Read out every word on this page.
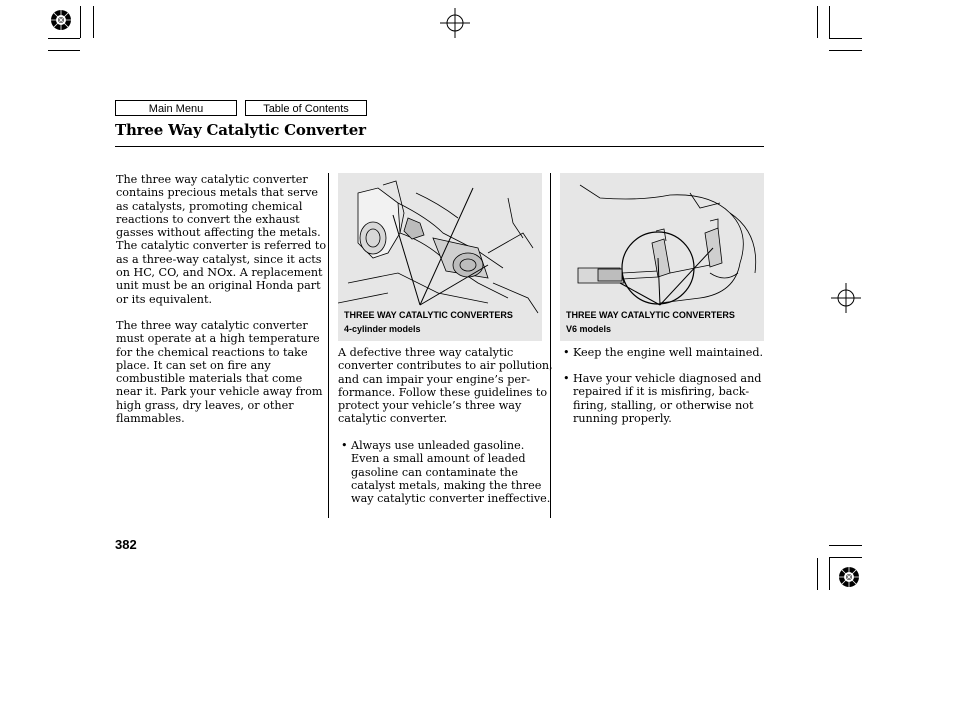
Main Menu	Table of Contents
Three Way Catalytic Converter
The three way catalytic converter
contains precious metals that serve
as catalysts, promoting chemical
reactions to convert the exhaust
gasses without affecting the metals.
The catalytic converter is referred to
as a three-way catalyst, since it acts
on HC, CO, and NOx. A replacement
unit must be an original Honda part
or its equivalent.
The three way catalytic converter
must operate at a high temperature
for the chemical reactions to take
place. It can set on fire any
combustible materials that come
near it. Park your vehicle away from
high grass, dry leaves, or other
flammables.
THREE WAY CATALYTIC CONVERTERS
4-cylinder models
A defective three way catalytic
converter contributes to air pollution,
and can impair your engine’s per-
formance. Follow these guidelines to
protect your vehicle’s three way
catalytic converter.
• Always use unleaded gasoline.
Even a small amount of leaded
gasoline can contaminate the
catalyst metals, making the three
way catalytic converter ineffective.
THREE WAY CATALYTIC CONVERTERS
V6 models
• Keep the engine well maintained.
• Have your vehicle diagnosed and
repaired if it is misfiring, back-
firing, stalling, or otherwise not
running properly.
382
